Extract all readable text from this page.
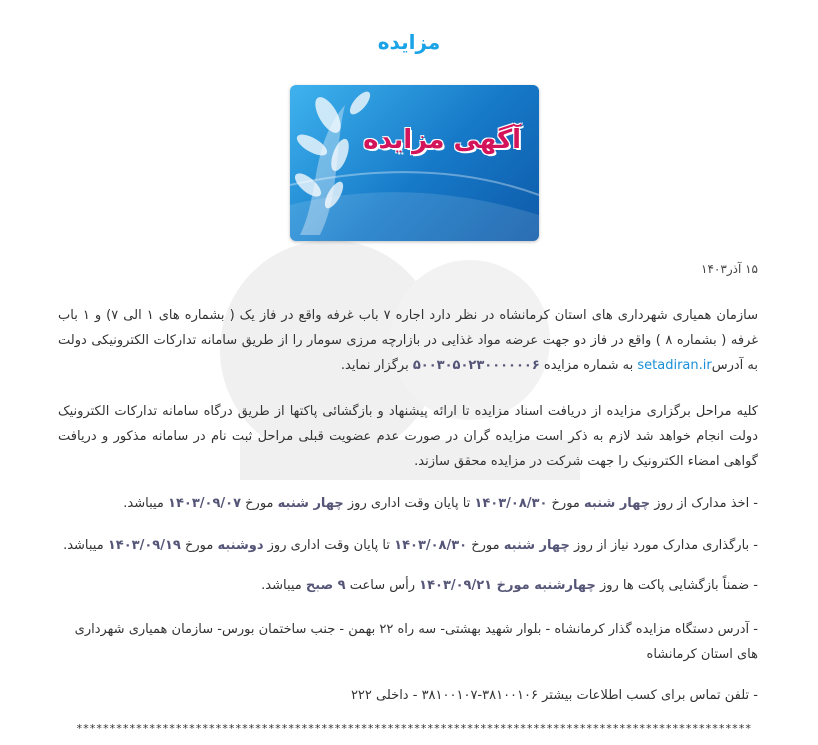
مزایده
آگهی مزایده
۱۵ آذر۱۴۰۳
سازمان همیاری شهرداری های استان کرمانشاه در نظر دارد اجاره ۷ باب غرفه واقع در فاز یک ( بشماره های ۱ الی ۷) و ۱ باب غرفه ( بشماره ۸ ) واقع در فاز دو جهت عرضه مواد غذایی در بازارچه مرزی سومار را از طریق سامانه تدارکات الکترونیکی دولت به آدرسsetadiran.ir به شماره مزایده ۵۰۰۳۰۵۰۲۳۰۰۰۰۰۰۶ برگزار نماید.
کلیه مراحل برگزاری مزایده از دریافت اسناد مزایده تا ارائه پیشنهاد و بازگشائی پاکتها از طریق درگاه سامانه تدارکات الکترونیک دولت انجام خواهد شد لازم به ذکر است مزایده گران در صورت عدم عضویت قبلی مراحل ثبت نام در سامانه مذکور و دریافت گواهی امضاء الکترونیک را جهت شرکت در مزایده محقق سازند.
- اخذ مدارک از روز چهار شنبه مورخ ۱۴۰۳/۰۸/۳۰ تا پایان وقت اداری روز چهار شنبه مورخ ۱۴۰۳/۰۹/۰۷ میباشد.
- بارگذاری مدارک مورد نیاز از روز چهار شنبه مورخ ۱۴۰۳/۰۸/۳۰ تا پایان وقت اداری روز دوشنبه مورخ ۱۴۰۳/۰۹/۱۹ میباشد.
- ضمناً بازگشایی پاکت ها روز چهارشنبه مورخ ۱۴۰۳/۰۹/۲۱ رأس ساعت ۹ صبح میباشد.
- آدرس دستگاه مزایده گذار کرمانشاه - بلوار شهید بهشتی- سه راه ۲۲ بهمن - جنب ساختمان بورس- سازمان همیاری شهرداری های استان کرمانشاه
- تلفن تماس برای کسب اطلاعات بیشتر ۳۸۱۰۰۱۰۶-۳۸۱۰۰۱۰۷ - داخلی ۲۲۲
******************************************************************************************************
